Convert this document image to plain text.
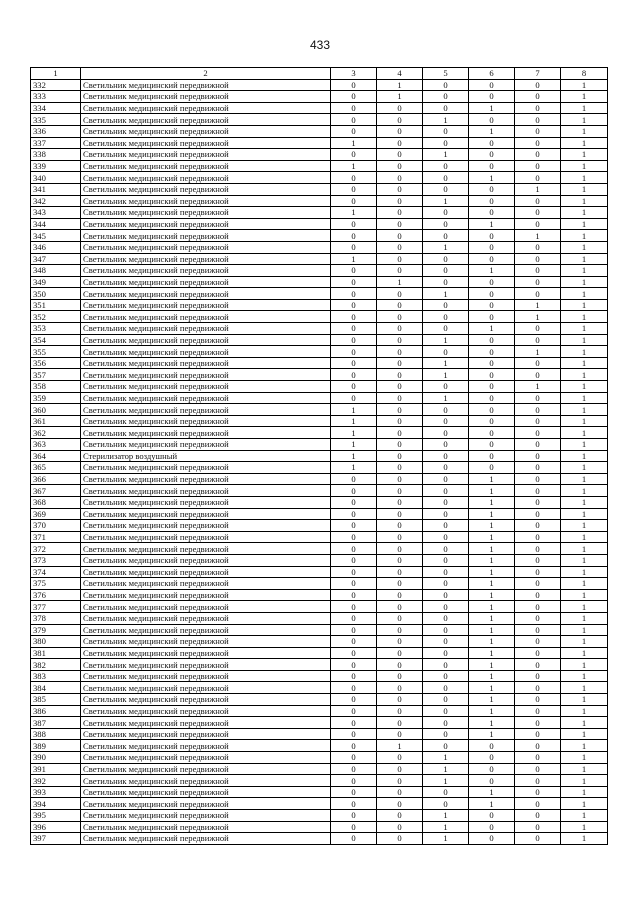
433
1	2	3	4	5	6	7	8
332	Светильник медицинский передвижной	0	1	0	0	0	1
333	Светильник медицинский передвижной	0	1	0	0	0	1
334	Светильник медицинский передвижной	0	0	0	1	0	1
335	Светильник медицинский передвижной	0	0	1	0	0	1
336	Светильник медицинский передвижной	0	0	0	1	0	1
337	Светильник медицинский передвижной	1	0	0	0	0	1
338	Светильник медицинский передвижной	0	0	1	0	0	1
339	Светильник медицинский передвижной	1	0	0	0	0	1
340	Светильник медицинский передвижной	0	0	0	1	0	1
341	Светильник медицинский передвижной	0	0	0	0	1	1
342	Светильник медицинский передвижной	0	0	1	0	0	1
343	Светильник медицинский передвижной	1	0	0	0	0	1
344	Светильник медицинский передвижной	0	0	0	1	0	1
345	Светильник медицинский передвижной	0	0	0	0	1	1
346	Светильник медицинский передвижной	0	0	1	0	0	1
347	Светильник медицинский передвижной	1	0	0	0	0	1
348	Светильник медицинский передвижной	0	0	0	1	0	1
349	Светильник медицинский передвижной	0	1	0	0	0	1
350	Светильник медицинский передвижной	0	0	1	0	0	1
351	Светильник медицинский передвижной	0	0	0	0	1	1
352	Светильник медицинский передвижной	0	0	0	0	1	1
353	Светильник медицинский передвижной	0	0	0	1	0	1
354	Светильник медицинский передвижной	0	0	1	0	0	1
355	Светильник медицинский передвижной	0	0	0	0	1	1
356	Светильник медицинский передвижной	0	0	1	0	0	1
357	Светильник медицинский передвижной	0	0	1	0	0	1
358	Светильник медицинский передвижной	0	0	0	0	1	1
359	Светильник медицинский передвижной	0	0	1	0	0	1
360	Светильник медицинский передвижной	1	0	0	0	0	1
361	Светильник медицинский передвижной	1	0	0	0	0	1
362	Светильник медицинский передвижной	1	0	0	0	0	1
363	Светильник медицинский передвижной	1	0	0	0	0	1
364	Стерилизатор воздушный	1	0	0	0	0	1
365	Светильник медицинский передвижной	1	0	0	0	0	1
366	Светильник медицинский передвижной	0	0	0	1	0	1
367	Светильник медицинский передвижной	0	0	0	1	0	1
368	Светильник медицинский передвижной	0	0	0	1	0	1
369	Светильник медицинский передвижной	0	0	0	1	0	1
370	Светильник медицинский передвижной	0	0	0	1	0	1
371	Светильник медицинский передвижной	0	0	0	1	0	1
372	Светильник медицинский передвижной	0	0	0	1	0	1
373	Светильник медицинский передвижной	0	0	0	1	0	1
374	Светильник медицинский передвижной	0	0	0	1	0	1
375	Светильник медицинский передвижной	0	0	0	1	0	1
376	Светильник медицинский передвижной	0	0	0	1	0	1
377	Светильник медицинский передвижной	0	0	0	1	0	1
378	Светильник медицинский передвижной	0	0	0	1	0	1
379	Светильник медицинский передвижной	0	0	0	1	0	1
380	Светильник медицинский передвижной	0	0	0	1	0	1
381	Светильник медицинский передвижной	0	0	0	1	0	1
382	Светильник медицинский передвижной	0	0	0	1	0	1
383	Светильник медицинский передвижной	0	0	0	1	0	1
384	Светильник медицинский передвижной	0	0	0	1	0	1
385	Светильник медицинский передвижной	0	0	0	1	0	1
386	Светильник медицинский передвижной	0	0	0	1	0	1
387	Светильник медицинский передвижной	0	0	0	1	0	1
388	Светильник медицинский передвижной	0	0	0	1	0	1
389	Светильник медицинский передвижной	0	1	0	0	0	1
390	Светильник медицинский передвижной	0	0	1	0	0	1
391	Светильник медицинский передвижной	0	0	1	0	0	1
392	Светильник медицинский передвижной	0	0	1	0	0	1
393	Светильник медицинский передвижной	0	0	0	1	0	1
394	Светильник медицинский передвижной	0	0	0	1	0	1
395	Светильник медицинский передвижной	0	0	1	0	0	1
396	Светильник медицинский передвижной	0	0	1	0	0	1
397	Светильник медицинский передвижной	0	0	1	0	0	1
